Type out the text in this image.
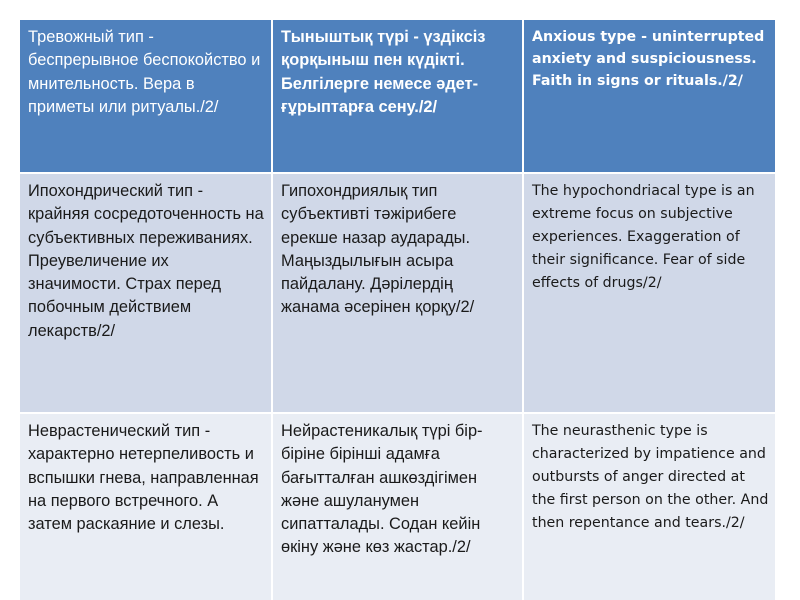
Тревожный тип - беспрерывное беспокойство и мнительность. Вера в приметы или ритуалы./2/	Тыныштық түрі - үздіксіз қорқыныш пен күдікті. Белгілерге немесе әдет-ғұрыптарға сену./2/	Anxious type - uninterrupted anxiety and suspiciousness. Faith in signs or rituals./2/

Ипохондрический тип - крайняя сосредоточенность на субъективных переживаниях. Преувеличение их значимости. Страх перед побочным действием лекарств/2/	Гипохондриялық тип субъективті тәжірибеге ерекше назар аударады. Маңыздылығын асыра пайдалану. Дәрілердің жанама әсерінен қорқу/2/	The hypochondriacal type is an extreme focus on subjective experiences. Exaggeration of their significance. Fear of side effects of drugs/2/

Неврастенический тип - характерно нетерпеливость и вспышки гнева, направленная на первого встречного. А затем раскаяние и слезы.	Нейрастеникалық түрі бір-біріне бірінші адамға бағытталған ашкөздігімен және ашуланумен сипатталады. Содан кейін өкіну және көз жастар./2/	The neurasthenic type is characterized by impatience and outbursts of anger directed at the first person on the other. And then repentance and tears./2/
